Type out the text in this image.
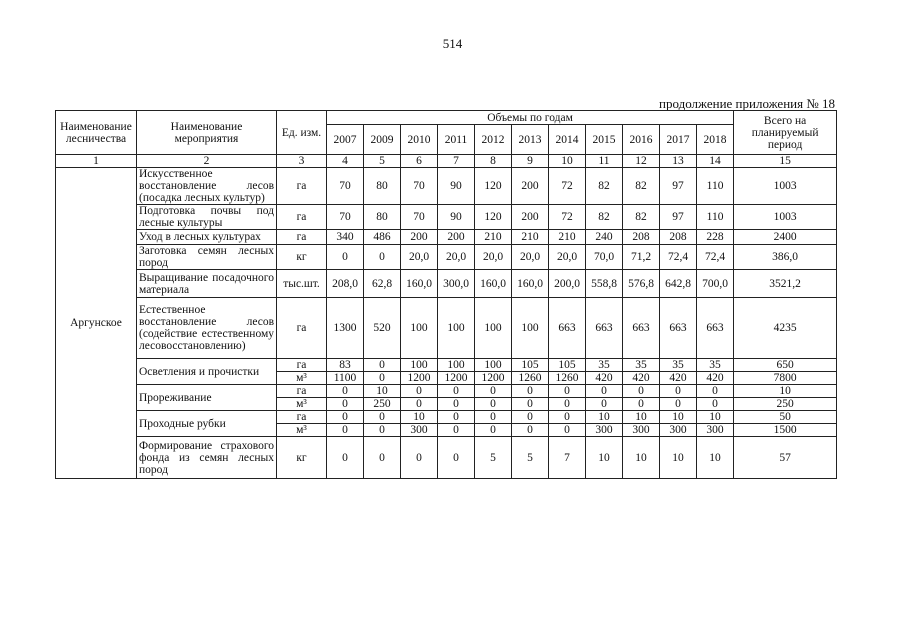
514
продолжение приложения № 18
Наименование лесничества	Наименование мероприятия	Ед. изм.	Объемы по годам											Всего на планируемый период
			2007	2009	2010	2011	2012	2013	2014	2015	2016	2017	2018	
1	2	3	4	5	6	7	8	9	10	11	12	13	14	15
Аргунское	Искусственное восстановление лесов (посадка лесных культур)	га	70	80	70	90	120	200	72	82	82	97	110	1003
	Подготовка почвы под лесные культуры	га	70	80	70	90	120	200	72	82	82	97	110	1003
	Уход в лесных культурах	га	340	486	200	200	210	210	210	240	208	208	228	2400
	Заготовка семян лесных пород	кг	0	0	20,0	20,0	20,0	20,0	20,0	70,0	71,2	72,4	72,4	386,0
	Выращивание посадочного материала	тыс.шт.	208,0	62,8	160,0	300,0	160,0	160,0	200,0	558,8	576,8	642,8	700,0	3521,2
	Естественное восстановление лесов (содействие естественному лесовосстановлению)	га	1300	520	100	100	100	100	663	663	663	663	663	4235
	Осветления и прочистки	га	83	0	100	100	100	105	105	35	35	35	35	650
		м³	1100	0	1200	1200	1200	1260	1260	420	420	420	420	7800
	Прореживание	га	0	10	0	0	0	0	0	0	0	0	0	10
		м³	0	250	0	0	0	0	0	0	0	0	0	250
	Проходные рубки	га	0	0	10	0	0	0	0	10	10	10	10	50
		м³	0	0	300	0	0	0	0	300	300	300	300	1500
	Формирование страхового фонда из семян лесных пород	кг	0	0	0	0	5	5	7	10	10	10	10	57
